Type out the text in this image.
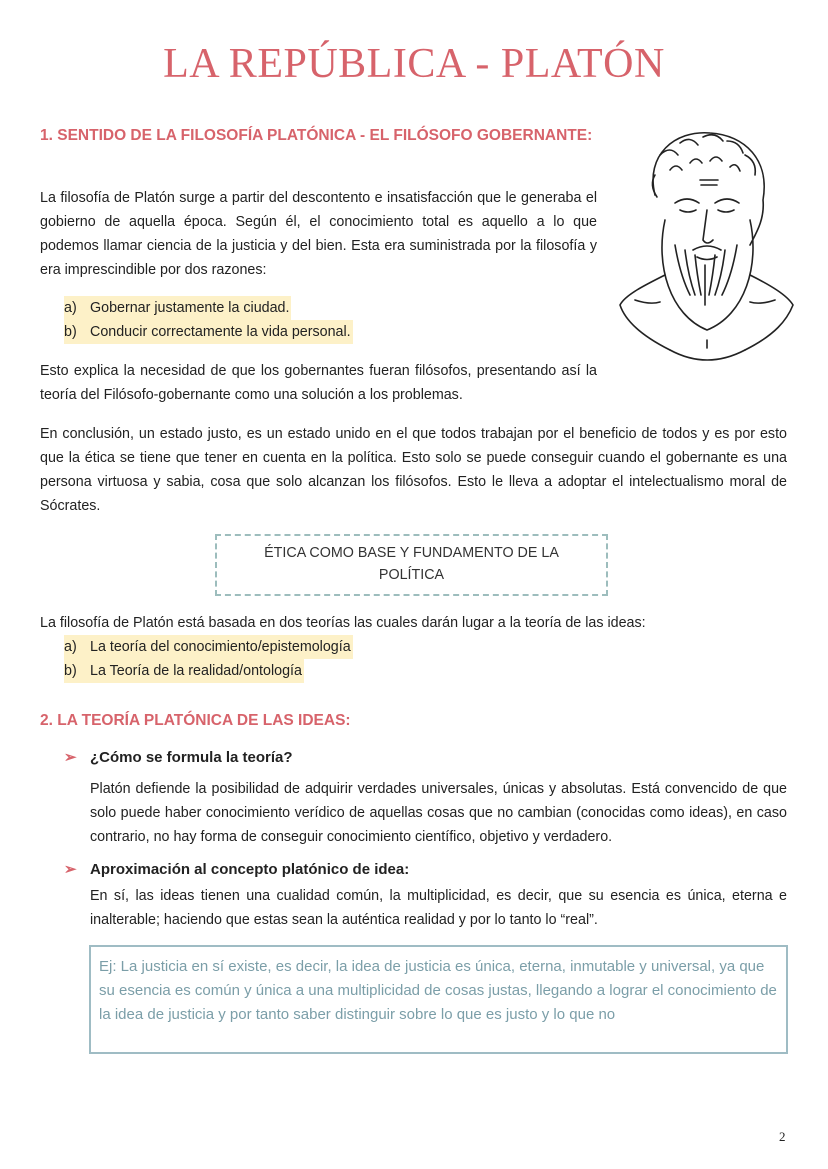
LA REPÚBLICA - PLATÓN
1. SENTIDO DE LA FILOSOFÍA PLATÓNICA - EL FILÓSOFO GOBERNANTE:
La filosofía de Platón surge a partir del descontento e insatisfacción que le generaba el gobierno de aquella época. Según él, el conocimiento total es aquello a lo que podemos llamar ciencia de la justicia y del bien. Esta era suministrada por la filosofía y era imprescindible por dos razones:
a) Gobernar justamente la ciudad.
b) Conducir correctamente la vida personal.
Esto explica la necesidad de que los gobernantes fueran filósofos, presentando así la teoría del Filósofo-gobernante como una solución a los problemas.
En conclusión, un estado justo, es un estado unido en el que todos trabajan por el beneficio de todos y es por esto que la ética se tiene que tener en cuenta en la política. Esto solo se puede conseguir cuando el gobernante es una persona virtuosa y sabia, cosa que solo alcanzan los filósofos. Esto le lleva a adoptar el intelectualismo moral de Sócrates.
ÉTICA COMO BASE Y FUNDAMENTO DE LA
POLÍTICA
La filosofía de Platón está basada en dos teorías las cuales darán lugar a la teoría de las ideas:
a) La teoría del conocimiento/epistemología
b) La Teoría de la realidad/ontología
2. LA TEORÍA PLATÓNICA DE LAS IDEAS:
➢ ¿Cómo se formula la teoría?
Platón defiende la posibilidad de adquirir verdades universales, únicas y absolutas. Está convencido de que solo puede haber conocimiento verídico de aquellas cosas que no cambian (conocidas como ideas), en caso contrario, no hay forma de conseguir conocimiento científico, objetivo y verdadero.
➢ Aproximación al concepto platónico de idea:
En sí, las ideas tienen una cualidad común, la multiplicidad, es decir, que su esencia es única, eterna e inalterable; haciendo que estas sean la auténtica realidad y por lo tanto lo “real”.
Ej: La justicia en sí existe, es decir, la idea de justicia es única, eterna, inmutable y universal, ya que su esencia es común y única a una multiplicidad de cosas justas, llegando a lograr el conocimiento de la idea de justicia y por tanto saber distinguir sobre lo que es justo y lo que no
2
